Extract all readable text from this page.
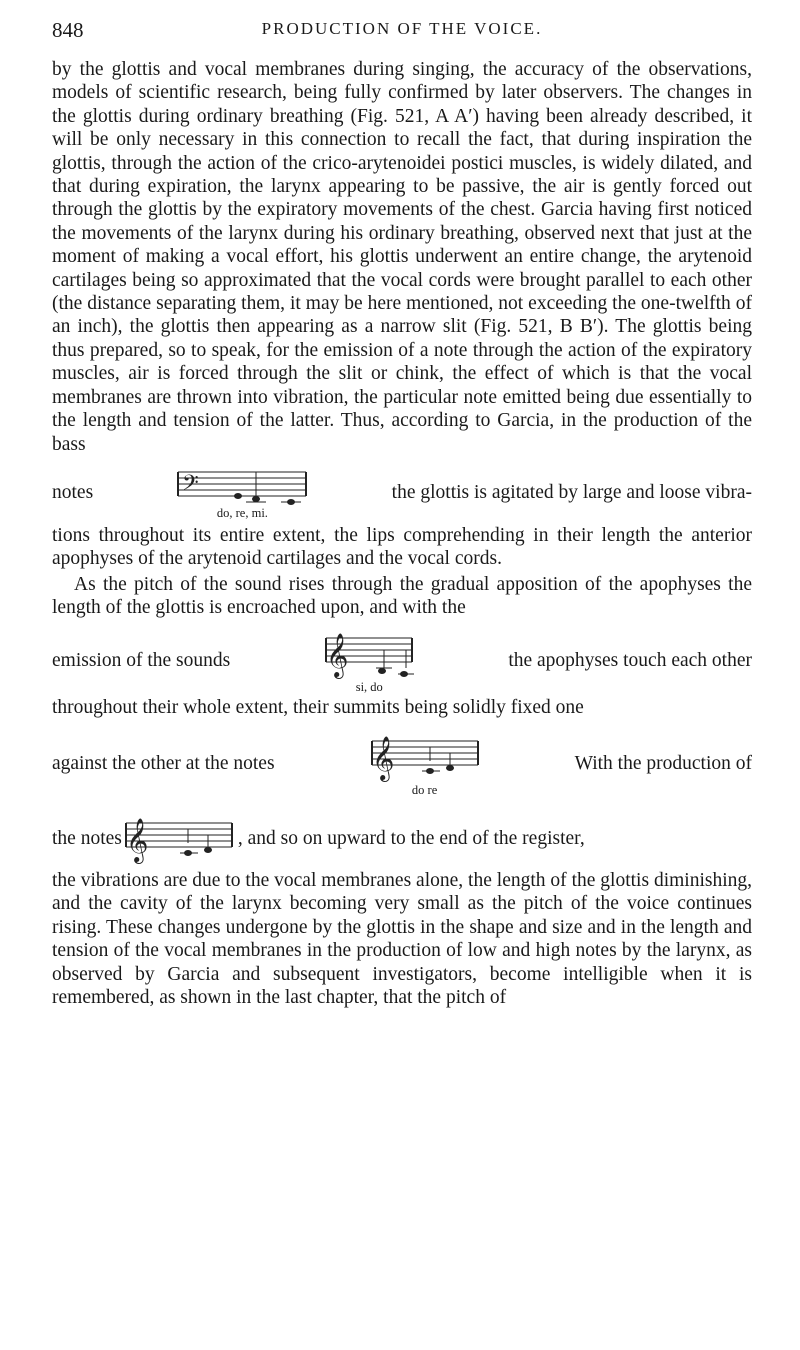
848	PRODUCTION OF THE VOICE.

by the glottis and vocal membranes during singing, the accuracy of the observations, models of scientific research, being fully confirmed by later observers. The changes in the glottis during ordinary breathing (Fig. 521, A A′) having been already described, it will be only necessary in this connection to recall the fact, that during inspiration the glottis, through the action of the crico-arytenoidei postici muscles, is widely dilated, and that during expiration, the larynx appearing to be passive, the air is gently forced out through the glottis by the expiratory movements of the chest. Garcia having first noticed the movements of the larynx during his ordinary breathing, observed next that just at the moment of making a vocal effort, his glottis underwent an entire change, the arytenoid cartilages being so approximated that the vocal cords were brought parallel to each other (the distance separating them, it may be here mentioned, not exceeding the one-twelfth of an inch), the glottis then appearing as a narrow slit (Fig. 521, B B′). The glottis being thus prepared, so to speak, for the emission of a note through the action of the expiratory muscles, air is forced through the slit or chink, the effect of which is that the vocal membranes are thrown into vibration, the particular note emitted being due essentially to the length and tension of the latter. Thus, according to Garcia, in the production of the bass

notes	𝄢
do, re, mi.
the glottis is agitated by large and loose vibra-

tions throughout its entire extent, the lips comprehending in their length the anterior apophyses of the arytenoid cartilages and the vocal cords.

As the pitch of the sound rises through the gradual apposition of the apophyses the length of the glottis is encroached upon, and with the

emission of the sounds	𝄞
si, do
the apophyses touch each other

throughout their whole extent, their summits being solidly fixed one

against the other at the notes	𝄞
do re
With the production of
the notes 𝄞	, and so on upward to the end of the register,

the vibrations are due to the vocal membranes alone, the length of the glottis diminishing, and the cavity of the larynx becoming very small as the pitch of the voice continues rising. These changes undergone by the glottis in the shape and size and in the length and tension of the vocal membranes in the production of low and high notes by the larynx, as observed by Garcia and subsequent investigators, become intelligible when it is remembered, as shown in the last chapter, that the pitch of
